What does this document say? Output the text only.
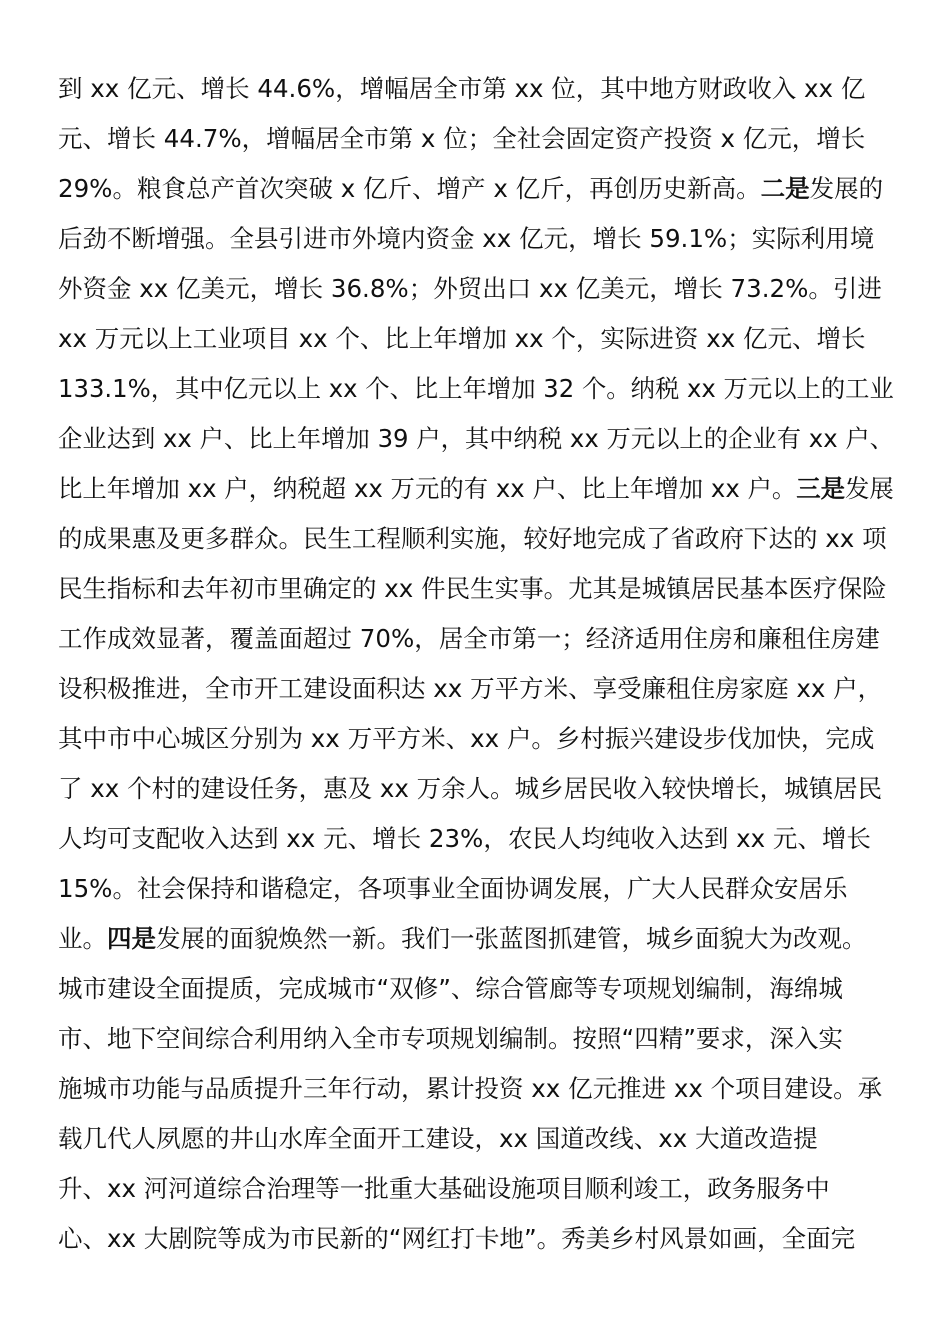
到 xx 亿元、增长 44.6%，增幅居全市第 xx 位，其中地方财政收入 xx 亿
元、增长 44.7%，增幅居全市第 x 位；全社会固定资产投资 x 亿元，增长
29%。粮食总产首次突破 x 亿斤、增产 x 亿斤，再创历史新高。二是发展的
后劲不断增强。全县引进市外境内资金 xx 亿元，增长 59.1%；实际利用境
外资金 xx 亿美元，增长 36.8%；外贸出口 xx 亿美元，增长 73.2%。引进
xx 万元以上工业项目 xx 个、比上年增加 xx 个，实际进资 xx 亿元、增长
133.1%，其中亿元以上 xx 个、比上年增加 32 个。纳税 xx 万元以上的工业
企业达到 xx 户、比上年增加 39 户，其中纳税 xx 万元以上的企业有 xx 户、
比上年增加 xx 户，纳税超 xx 万元的有 xx 户、比上年增加 xx 户。三是发展
的成果惠及更多群众。民生工程顺利实施，较好地完成了省政府下达的 xx 项
民生指标和去年初市里确定的 xx 件民生实事。尤其是城镇居民基本医疗保险
工作成效显著，覆盖面超过 70%，居全市第一；经济适用住房和廉租住房建
设积极推进，全市开工建设面积达 xx 万平方米、享受廉租住房家庭 xx 户，
其中市中心城区分别为 xx 万平方米、xx 户。乡村振兴建设步伐加快，完成
了 xx 个村的建设任务，惠及 xx 万余人。城乡居民收入较快增长，城镇居民
人均可支配收入达到 xx 元、增长 23%，农民人均纯收入达到 xx 元、增长
15%。社会保持和谐稳定，各项事业全面协调发展，广大人民群众安居乐
业。四是发展的面貌焕然一新。我们一张蓝图抓建管，城乡面貌大为改观。
城市建设全面提质，完成城市“双修”、综合管廊等专项规划编制，海绵城
市、地下空间综合利用纳入全市专项规划编制。按照“四精”要求，深入实
施城市功能与品质提升三年行动，累计投资 xx 亿元推进 xx 个项目建设。承
载几代人夙愿的井山水库全面开工建设，xx 国道改线、xx 大道改造提
升、xx 河河道综合治理等一批重大基础设施项目顺利竣工，政务服务中
心、xx 大剧院等成为市民新的“网红打卡地”。秀美乡村风景如画，全面完
